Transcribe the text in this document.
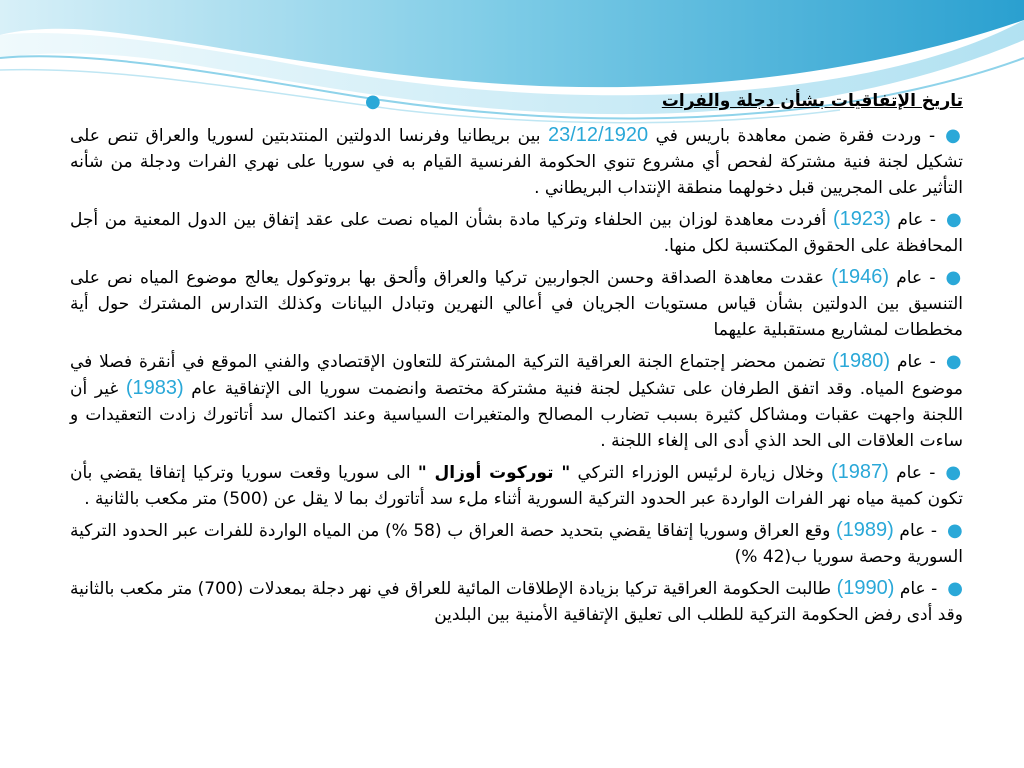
تاريخ الإتفاقيات بشأن دجلة والفرات
●
●- وردت فقرة ضمن معاهدة باريس في 23/12/1920 بين بريطانيا وفرنسا الدولتين المنتدبتين لسوريا والعراق تنص على تشكيل لجنة فنية مشتركة لفحص أي مشروع تنوي الحكومة الفرنسية القيام به في سوريا على نهري الفرات ودجلة من شأنه التأثير على المجريين قبل دخولهما منطقة الإنتداب البريطاني .
●- عام (1923) أفردت معاهدة لوزان بين الحلفاء وتركيا مادة بشأن المياه نصت على عقد إتفاق بين الدول المعنية من أجل المحافظة على الحقوق المكتسبة لكل منها.
●- عام (1946) عقدت معاهدة الصداقة وحسن الجواربين تركيا والعراق وألحق بها بروتوكول يعالج موضوع المياه نص على التنسيق بين الدولتين بشأن قياس مستويات الجريان في أعالي النهرين وتبادل البيانات وكذلك التدارس المشترك حول أية مخططات لمشاريع مستقبلية عليهما
●- عام (1980) تضمن محضر إجتماع الجنة العراقية التركية المشتركة للتعاون الإقتصادي والفني الموقع في أنقرة فصلا في موضوع المياه. وقد اتفق الطرفان على تشكيل لجنة فنية مشتركة مختصة وانضمت سوريا الى الإتفاقية عام (1983) غير أن اللجنة واجهت عقبات ومشاكل كثيرة بسبب تضارب المصالح والمتغيرات السياسية وعند اكتمال سد أتاتورك زادت التعقيدات و ساءت العلاقات الى الحد الذي أدى الى إلغاء اللجنة .
●- عام (1987) وخلال زيارة لرئيس الوزراء التركي " توركوت أوزال " الى سوريا وقعت سوريا وتركيا إتفاقا يقضي بأن تكون كمية مياه نهر الفرات الواردة عبر الحدود التركية السورية أثناء ملء سد أتاتورك بما لا يقل عن (500) متر مكعب بالثانية .
●- عام (1989) وقع العراق وسوريا إتفاقا يقضي بتحديد حصة العراق ب (58 %) من المياه الواردة للفرات عبر الحدود التركية السورية وحصة سوريا ب(42 %)
●- عام (1990) طالبت الحكومة العراقية تركيا بزيادة الإطلاقات المائية للعراق في نهر دجلة بمعدلات (700) متر مكعب بالثانية وقد أدى رفض الحكومة التركية للطلب الى تعليق الإتفاقية الأمنية بين البلدين
